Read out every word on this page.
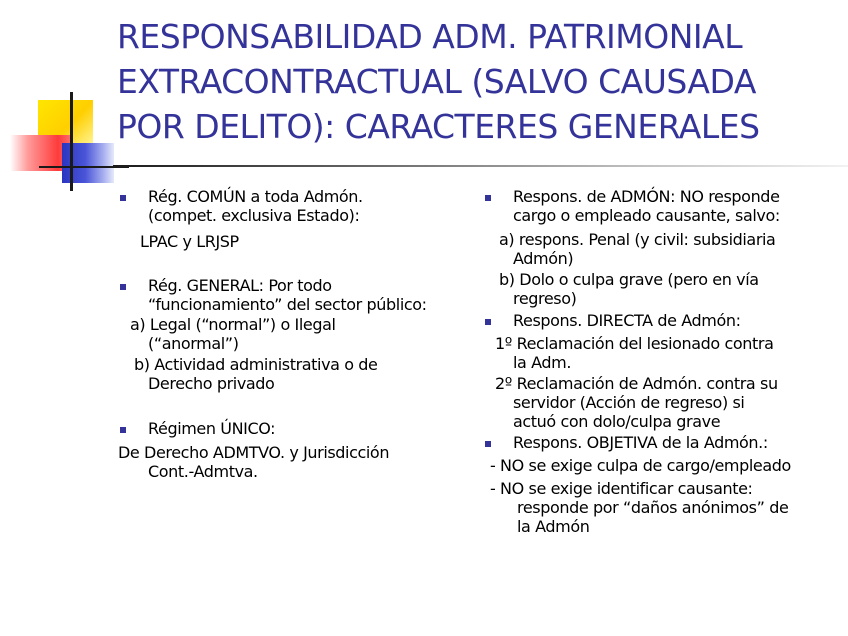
RESPONSABILIDAD ADM. PATRIMONIAL
EXTRACONTRACTUAL (SALVO CAUSADA
POR DELITO): CARACTERES GENERALES

Rég. COMÚN a toda Admón.
(compet. exclusiva Estado):

LPAC y LRJSP

Rég. GENERAL: Por todo
“funcionamiento” del sector público:

a) Legal (“normal”) o Ilegal
(“anormal”)

b) Actividad administrativa o de
Derecho privado

Régimen ÚNICO:

De Derecho ADMTVO. y Jurisdicción
Cont.-Admtva.

Respons. de ADMÓN: NO responde
cargo o empleado causante, salvo:

a) respons. Penal (y civil: subsidiaria
Admón)

b) Dolo o culpa grave (pero en vía
regreso)

Respons. DIRECTA de Admón:

1º Reclamación del lesionado contra
la Adm.

2º Reclamación de Admón. contra su
servidor (Acción de regreso) si
actuó con dolo/culpa grave

Respons. OBJETIVA de la Admón.:

- NO se exige culpa de cargo/empleado

- NO se exige identificar causante:
responde por “daños anónimos” de
la Admón
